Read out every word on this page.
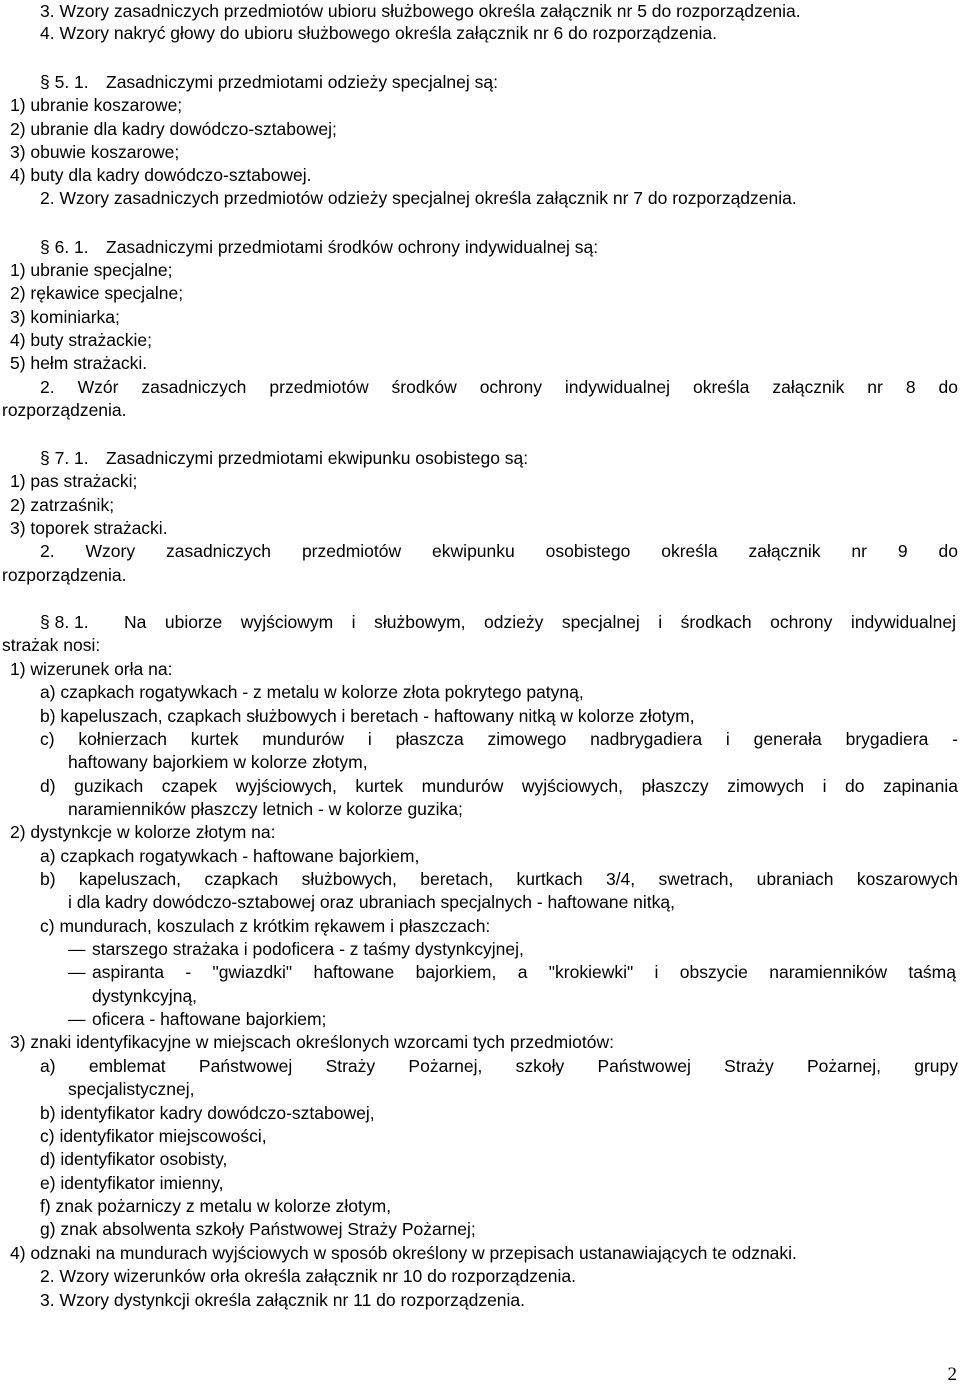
3. Wzory zasadniczych przedmiotów ubioru służbowego określa załącznik nr 5 do rozporządzenia.
4. Wzory nakryć głowy do ubioru służbowego określa załącznik nr 6 do rozporządzenia.
§ 5. 1. Zasadniczymi przedmiotami odzieży specjalnej są:
1) ubranie koszarowe;
2) ubranie dla kadry dowódczo-sztabowej;
3) obuwie koszarowe;
4) buty dla kadry dowódczo-sztabowej.
2. Wzory zasadniczych przedmiotów odzieży specjalnej określa załącznik nr 7 do rozporządzenia.
§ 6. 1. Zasadniczymi przedmiotami środków ochrony indywidualnej są:
1) ubranie specjalne;
2) rękawice specjalne;
3) kominiarka;
4) buty strażackie;
5) hełm strażacki.
2. Wzór zasadniczych przedmiotów środków ochrony indywidualnej określa załącznik nr 8 do
rozporządzenia.
§ 7. 1. Zasadniczymi przedmiotami ekwipunku osobistego są:
1) pas strażacki;
2) zatrzaśnik;
3) toporek strażacki.
2. Wzory zasadniczych przedmiotów ekwipunku osobistego określa załącznik nr 9 do
rozporządzenia.
§ 8. 1. Na ubiorze wyjściowym i służbowym, odzieży specjalnej i środkach ochrony indywidualnej
strażak nosi:
1) wizerunek orła na:
a) czapkach rogatywkach - z metalu w kolorze złota pokrytego patyną,
b) kapeluszach, czapkach służbowych i beretach - haftowany nitką w kolorze złotym,
c) kołnierzach kurtek mundurów i płaszcza zimowego nadbrygadiera i generała brygadiera -
haftowany bajorkiem w kolorze złotym,
d) guzikach czapek wyjściowych, kurtek mundurów wyjściowych, płaszczy zimowych i do zapinania
naramienników płaszczy letnich - w kolorze guzika;
2) dystynkcje w kolorze złotym na:
a) czapkach rogatywkach - haftowane bajorkiem,
b) kapeluszach, czapkach służbowych, beretach, kurtkach 3/4, swetrach, ubraniach koszarowych
i dla kadry dowódczo-sztabowej oraz ubraniach specjalnych - haftowane nitką,
c) mundurach, koszulach z krótkim rękawem i płaszczach:
— starszego strażaka i podoficera - z taśmy dystynkcyjnej,
— aspiranta - "gwiazdki" haftowane bajorkiem, a "krokiewki" i obszycie naramienników taśmą
dystynkcyjną,
— oficera - haftowane bajorkiem;
3) znaki identyfikacyjne w miejscach określonych wzorcami tych przedmiotów:
a) emblemat Państwowej Straży Pożarnej, szkoły Państwowej Straży Pożarnej, grupy
specjalistycznej,
b) identyfikator kadry dowódczo-sztabowej,
c) identyfikator miejscowości,
d) identyfikator osobisty,
e) identyfikator imienny,
f) znak pożarniczy z metalu w kolorze złotym,
g) znak absolwenta szkoły Państwowej Straży Pożarnej;
4) odznaki na mundurach wyjściowych w sposób określony w przepisach ustanawiających te odznaki.
2. Wzory wizerunków orła określa załącznik nr 10 do rozporządzenia.
3. Wzory dystynkcji określa załącznik nr 11 do rozporządzenia.
2
